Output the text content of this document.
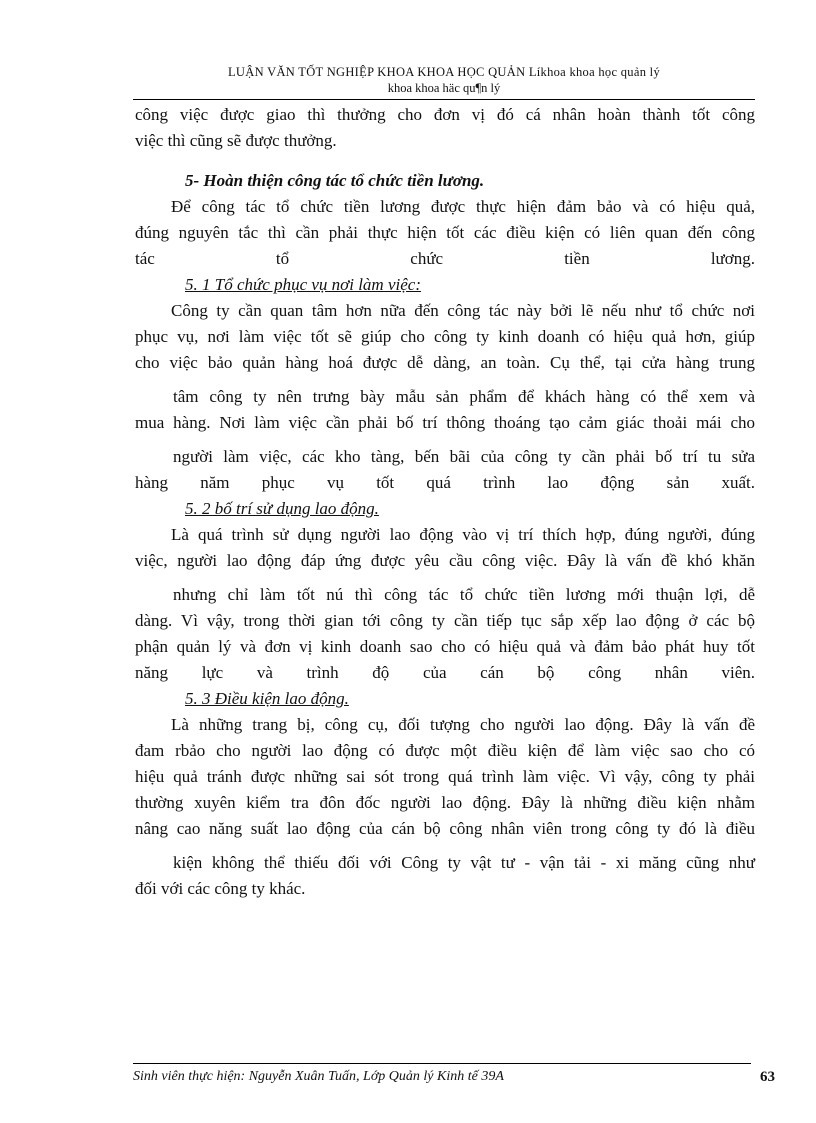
LUẬN VĂN TỐT NGHIỆP KHOA KHOA HỌC QUẢN Líkhoa khoa học quản lý
khoa khoa häc qu¶n lý
công việc được giao thì thưởng cho đơn vị đó cá nhân hoàn thành tốt công
việc thì cũng sẽ được thưởng.
5- Hoàn thiện công tác tổ chức tiền lương.
Để công tác tổ chức tiền lương được thực hiện đảm bảo và có hiệu quả,
đúng nguyên tắc thì cần phải thực hiện tốt các điều kiện có liên quan đến công
tác tổ chức tiền lương.
5. 1 Tổ chức phục vụ nơi làm việc:
Công ty cần quan tâm hơn nữa đến công tác này bởi lẽ nếu như tổ chức nơi
phục vụ, nơi làm việc tốt sẽ giúp cho công ty kinh doanh có hiệu quả hơn, giúp
cho việc bảo quản hàng hoá được dễ dàng, an toàn. Cụ thể, tại cửa hàng trung
tâm công ty nên trưng bày mẫu sản phẩm để khách hàng có thể xem và
mua hàng. Nơi làm việc cần phải bố trí thông thoáng tạo cảm giác thoải mái cho
người làm việc, các kho tàng, bến bãi của công ty cần phải bố trí tu sửa
hàng năm phục vụ tốt quá trình lao động sản xuất.
5. 2 bố trí sử dụng lao động.
Là quá trình sử dụng người lao động vào vị trí thích hợp, đúng người, đúng
việc, người lao động đáp ứng được yêu cầu công việc. Đây là vấn đề khó khăn
nhưng chỉ làm tốt nú thì công tác tổ chức tiền lương mới thuận lợi, dễ
dàng. Vì vậy, trong thời gian tới công ty cần tiếp tục sắp xếp lao động ở các bộ
phận quản lý và đơn vị kinh doanh sao cho có hiệu quả và đảm bảo phát huy tốt
năng lực và trình độ của cán bộ công nhân viên.
5. 3 Điều kiện lao động.
Là những trang bị, công cụ, đối tượng cho người lao động. Đây là vấn đề
đam rbảo cho người lao động có được một điều kiện để làm việc sao cho có
hiệu quả tránh được những sai sót trong quá trình làm việc. Vì vậy, công ty phải
thường xuyên kiểm tra đôn đốc người lao động. Đây là những điều kiện nhằm
nâng cao năng suất lao động của cán bộ công nhân viên trong công ty đó là điều
kiện không thể thiếu đối với Công ty vật tư - vận tải - xi măng cũng như
đối với các công ty khác.
Sinh viên thực hiện: Nguyễn Xuân Tuấn, Lớp Quản lý Kinh tế 39A	63
